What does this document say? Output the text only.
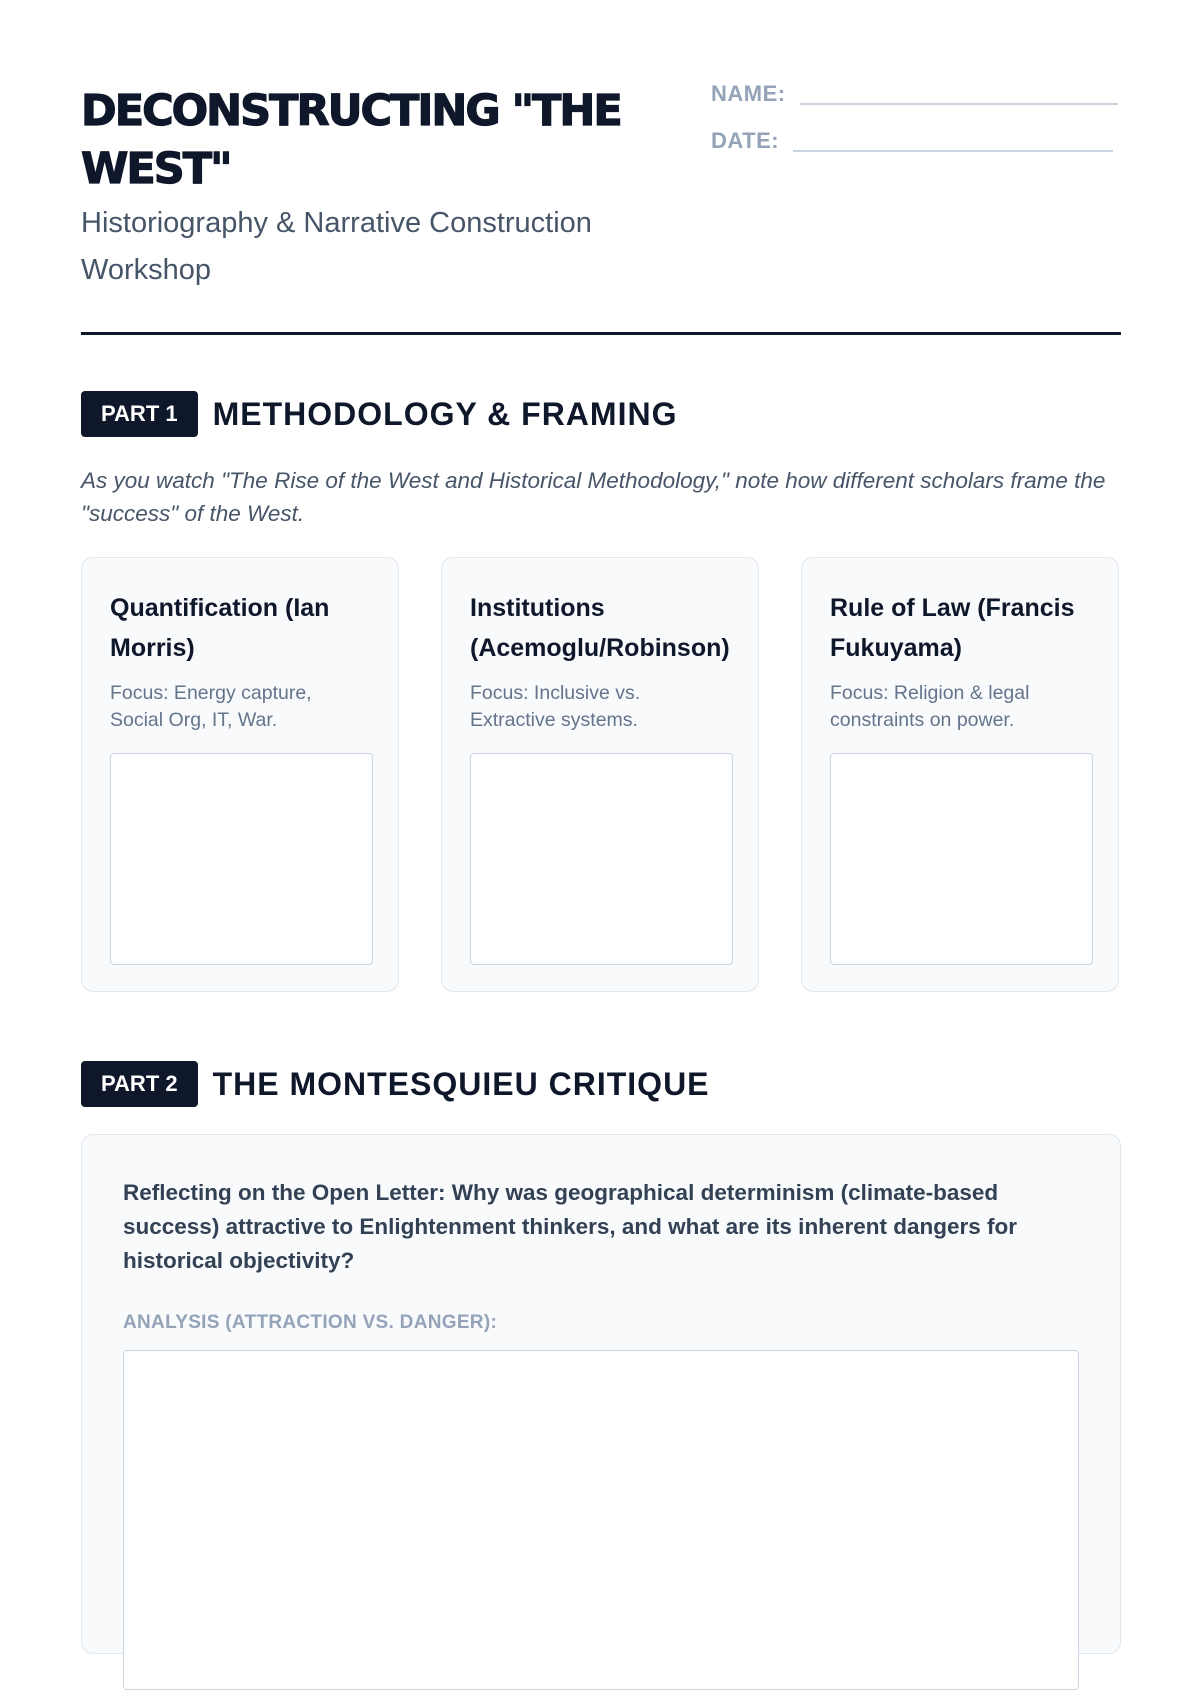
DECONSTRUCTING "THE WEST"

Historiography & Narrative Construction Workshop

NAME:
DATE:
PART 1	METHODOLOGY & FRAMING

As you watch "The Rise of the West and Historical Methodology," note how different scholars frame the "success" of the West.

Quantification (Ian Morris)

Focus: Energy capture, Social Org, IT, War.

Institutions (Acemoglu/Robinson)

Focus: Inclusive vs. Extractive systems.

Rule of Law (Francis Fukuyama)

Focus: Religion & legal constraints on power.

PART 2	THE MONTESQUIEU CRITIQUE

Reflecting on the Open Letter: Why was geographical determinism (climate-based success) attractive to Enlightenment thinkers, and what are its inherent dangers for historical objectivity?

ANALYSIS (ATTRACTION VS. DANGER):
